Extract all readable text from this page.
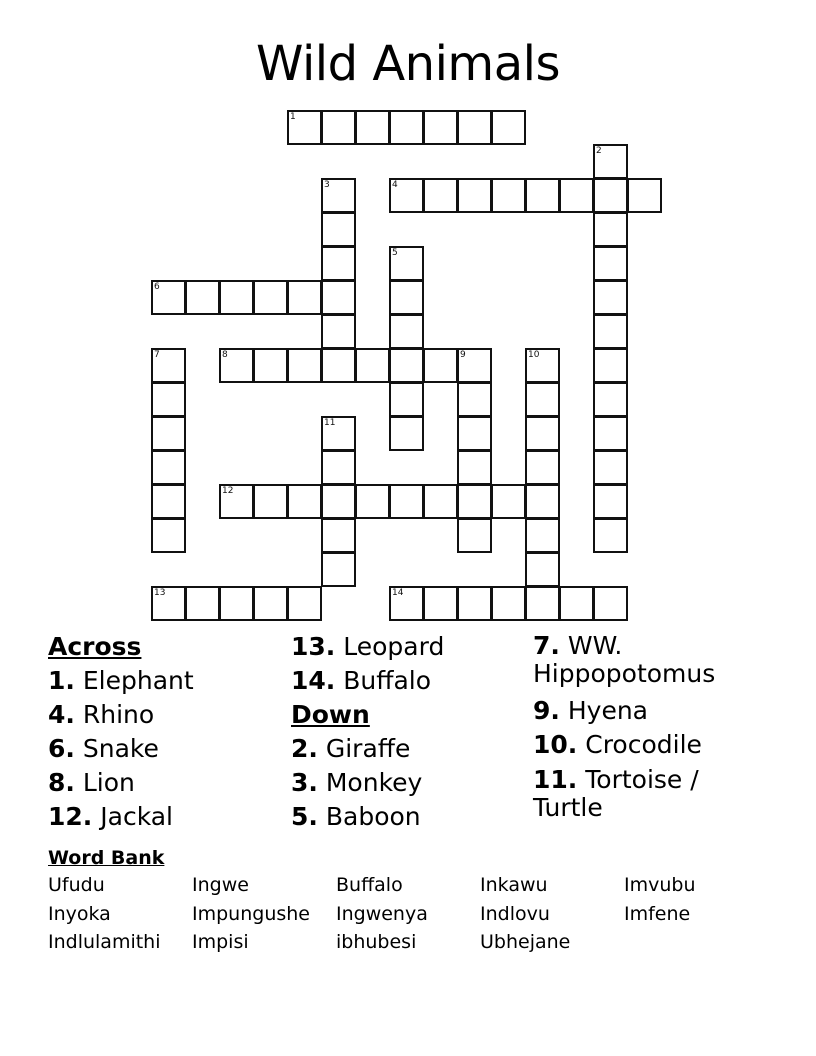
Wild Animals
1
2
3	4
5
6
7	8	9	10
11
12
13	14
Across
1. Elephant
4. Rhino
6. Snake
8. Lion
12. Jackal
13. Leopard
14. Buffalo
Down
2. Giraffe
3. Monkey
5. Baboon
7. WW. Hippopotomus
9. Hyena
10. Crocodile
11. Tortoise / Turtle
Word Bank
Ufudu	Ingwe	Buffalo	Inkawu	Imvubu
Inyoka	Impungushe	Ingwenya	Indlovu	Imfene
Indlulamithi	Impisi	ibhubesi	Ubhejane
